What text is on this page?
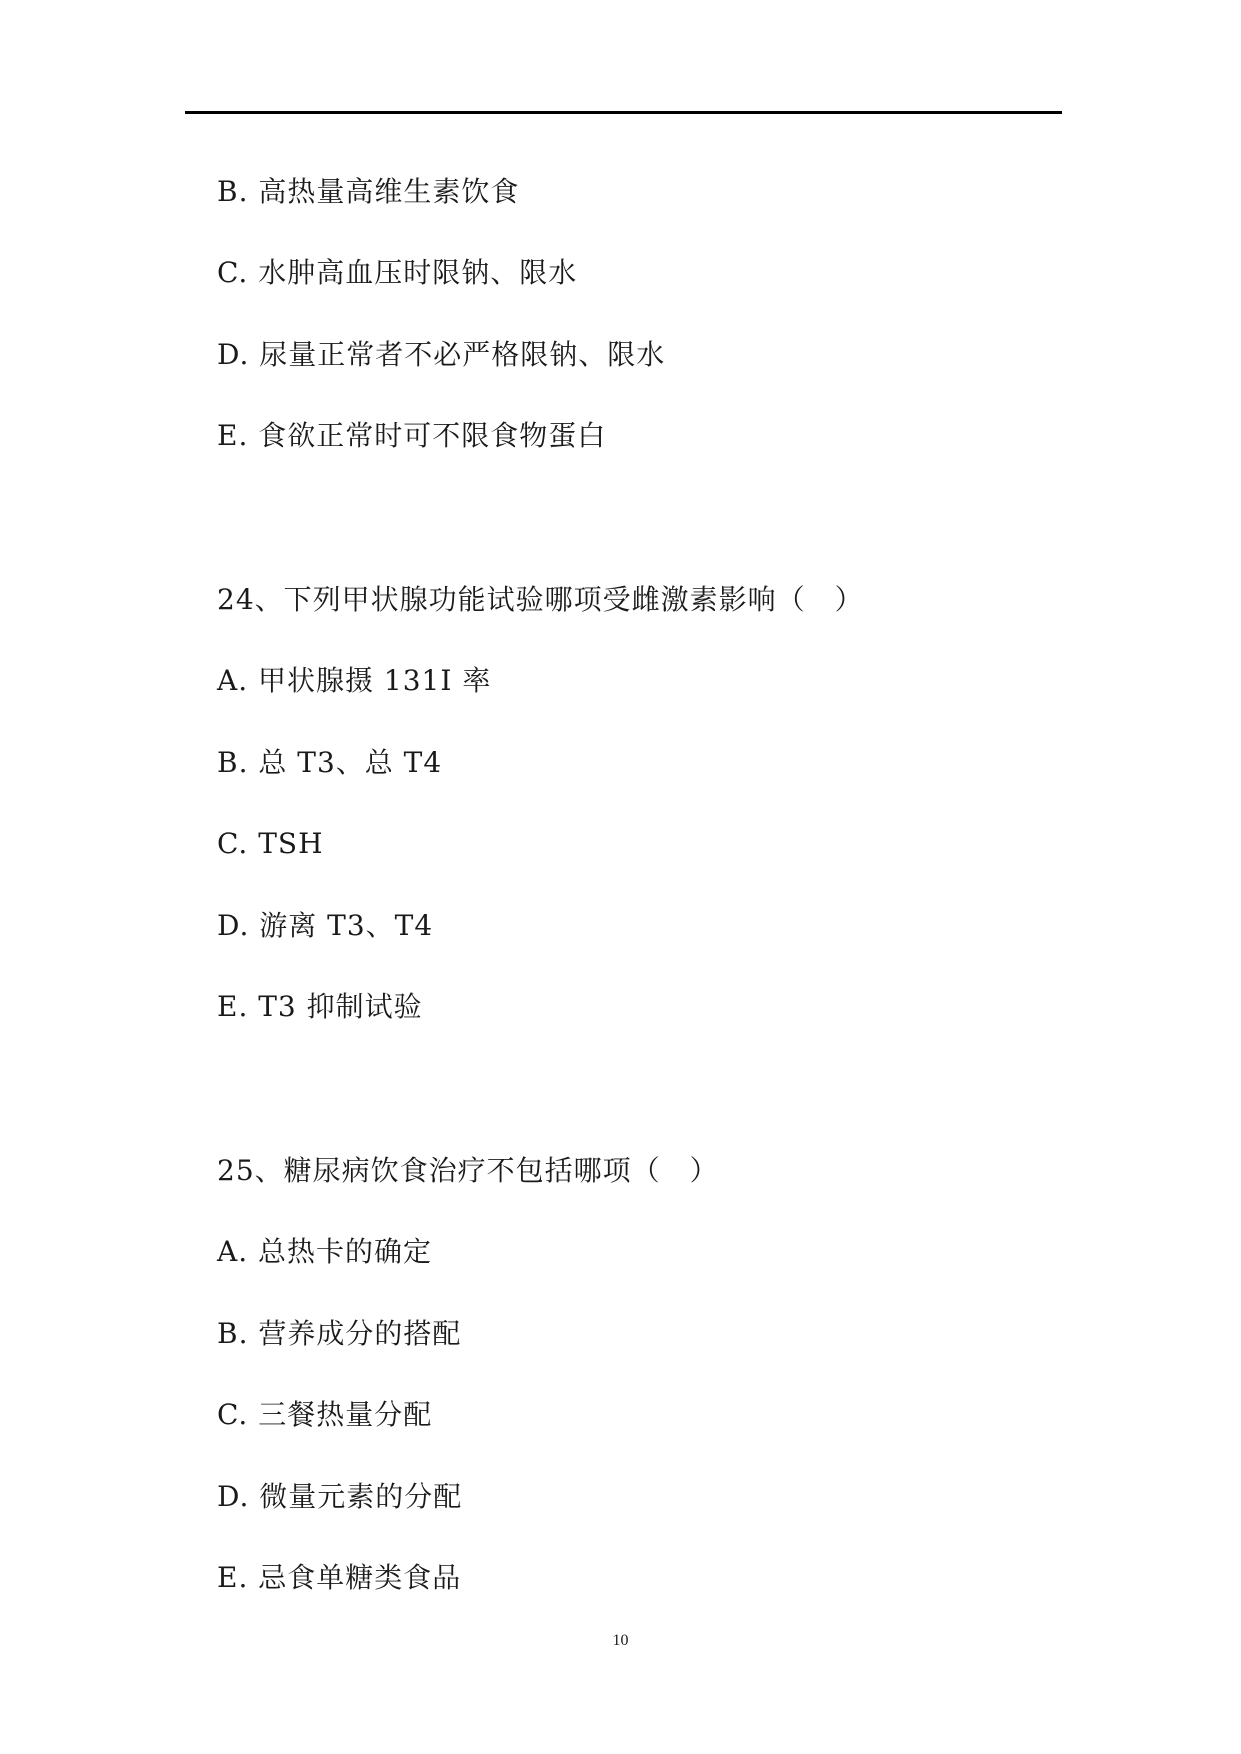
B. 高热量高维生素饮食
C. 水肿高血压时限钠、限水
D. 尿量正常者不必严格限钠、限水
E. 食欲正常时可不限食物蛋白
24、下列甲状腺功能试验哪项受雌激素影响（　）
A. 甲状腺摄 131I 率
B. 总 T3、总 T4
C. TSH
D. 游离 T3、T4
E. T3 抑制试验
25、糖尿病饮食治疗不包括哪项（　）
A. 总热卡的确定
B. 营养成分的搭配
C. 三餐热量分配
D. 微量元素的分配
E. 忌食单糖类食品
10
